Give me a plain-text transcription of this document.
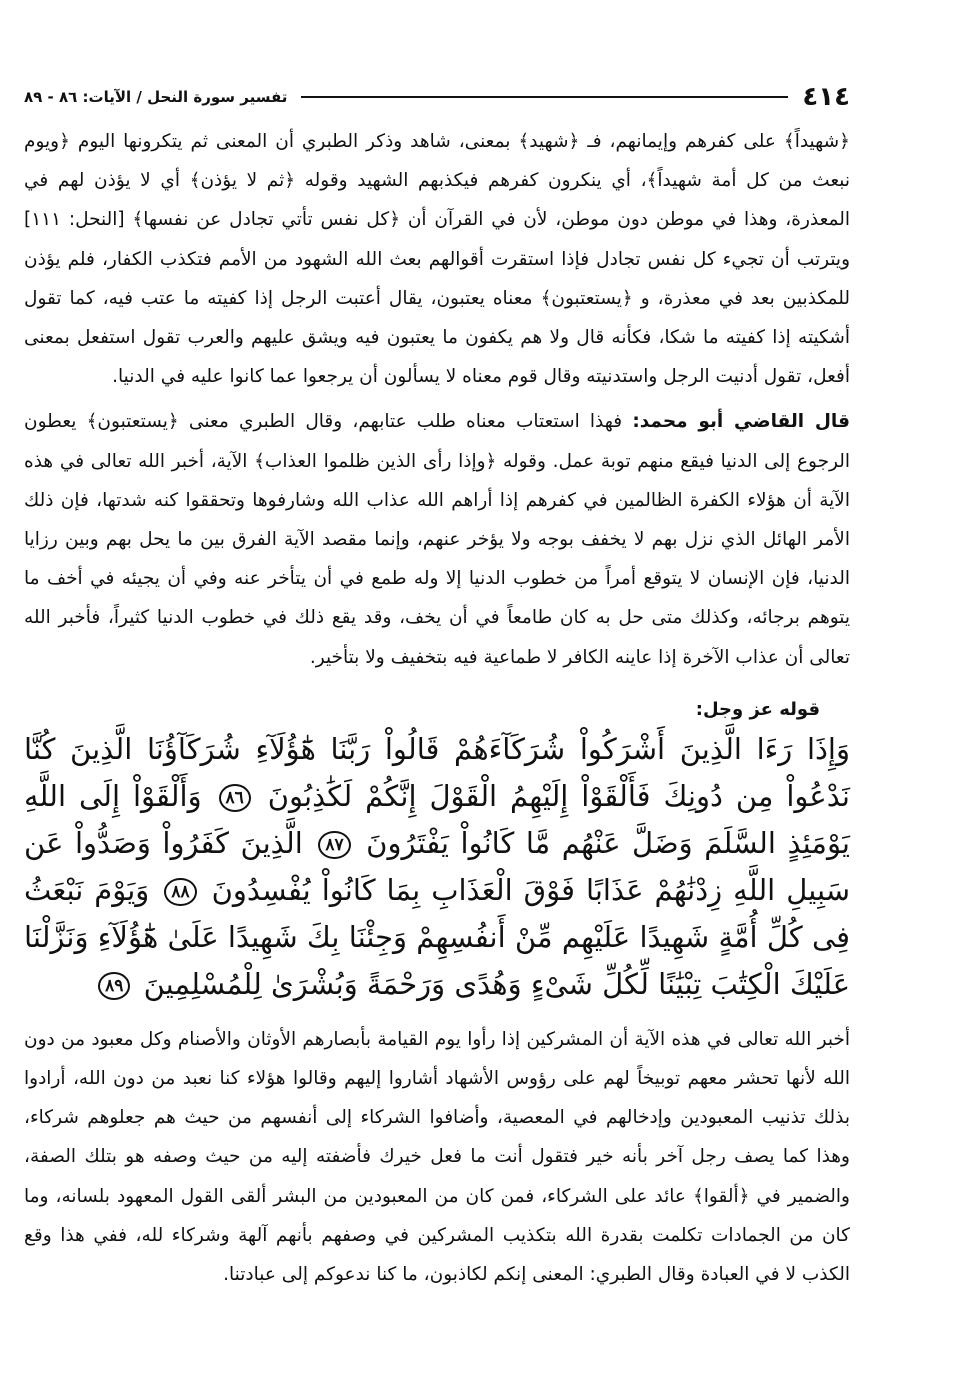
٤١٤
تفسير سورة النحل / الآيات: ٨٦ - ٨٩

﴿شهيداً﴾ على كفرهم وإيمانهم، فـ ﴿شهيد﴾ بمعنى، شاهد وذكر الطبري أن المعنى ثم يتكرونها اليوم ﴿ويوم نبعث من كل أمة شهيداً﴾، أي ينكرون كفرهم فيكذبهم الشهيد وقوله ﴿ثم لا يؤذن﴾ أي لا يؤذن لهم في المعذرة، وهذا في موطن دون موطن، لأن في القرآن أن ﴿كل نفس تأتي تجادل عن نفسها﴾ [النحل: ١١١] ويترتب أن تجيء كل نفس تجادل فإذا استقرت أقوالهم بعث الله الشهود من الأمم فتكذب الكفار، فلم يؤذن للمكذبين بعد في معذرة، و ﴿يستعتبون﴾ معناه يعتبون، يقال أعتبت الرجل إذا كفيته ما عتب فيه، كما تقول أشكيته إذا كفيته ما شكا، فكأنه قال ولا هم يكفون ما يعتبون فيه ويشق عليهم والعرب تقول استفعل بمعنى أفعل، تقول أدنيت الرجل واستدنيته وقال قوم معناه لا يسألون أن يرجعوا عما كانوا عليه في الدنيا.

قال القاضي أبو محمد: فهذا استعتاب معناه طلب عتابهم، وقال الطبري معنى ﴿يستعتبون﴾ يعطون الرجوع إلى الدنيا فيقع منهم توبة عمل. وقوله ﴿وإذا رأى الذين ظلموا العذاب﴾ الآية، أخبر الله تعالى في هذه الآية أن هؤلاء الكفرة الظالمين في كفرهم إذا أراهم الله عذاب الله وشارفوها وتحققوا كنه شدتها، فإن ذلك الأمر الهائل الذي نزل بهم لا يخفف بوجه ولا يؤخر عنهم، وإنما مقصد الآية الفرق بين ما يحل بهم وبين رزايا الدنيا، فإن الإنسان لا يتوقع أمراً من خطوب الدنيا إلا وله طمع في أن يتأخر عنه وفي أن يجيئه في أخف ما يتوهم برجائه، وكذلك متى حل به كان طامعاً في أن يخف، وقد يقع ذلك في خطوب الدنيا كثيراً، فأخبر الله تعالى أن عذاب الآخرة إذا عاينه الكافر لا طماعية فيه بتخفيف ولا بتأخير.

قوله عز وجل:
وَإِذَا رَءَا الَّذِينَ أَشْرَكُواْ شُرَكَآءَهُمْ قَالُواْ رَبَّنَا هَٰٓؤُلَآءِ شُرَكَآؤُنَا الَّذِينَ كُنَّا نَدْعُواْ مِن دُونِكَ فَأَلْقَوْاْ إِلَيْهِمُ الْقَوْلَ إِنَّكُمْ لَكَٰذِبُونَ ٨٦ وَأَلْقَوْاْ إِلَى اللَّهِ يَوْمَئِذٍ السَّلَمَ وَضَلَّ عَنْهُم مَّا كَانُواْ يَفْتَرُونَ ٨٧ الَّذِينَ كَفَرُواْ وَصَدُّواْ عَن سَبِيلِ اللَّهِ زِدْنَٰهُمْ عَذَابًا فَوْقَ الْعَذَابِ بِمَا كَانُواْ يُفْسِدُونَ ٨٨ وَيَوْمَ نَبْعَثُ فِى كُلِّ أُمَّةٍ شَهِيدًا عَلَيْهِم مِّنْ أَنفُسِهِمْ وَجِئْنَا بِكَ شَهِيدًا عَلَىٰ هَٰٓؤُلَآءِ وَنَزَّلْنَا عَلَيْكَ الْكِتَٰبَ تِبْيَٰنًا لِّكُلِّ شَىْءٍ وَهُدًى وَرَحْمَةً وَبُشْرَىٰ لِلْمُسْلِمِينَ ٨٩

أخبر الله تعالى في هذه الآية أن المشركين إذا رأوا يوم القيامة بأبصارهم الأوثان والأصنام وكل معبود من دون الله لأنها تحشر معهم توبيخاً لهم على رؤوس الأشهاد أشاروا إليهم وقالوا هؤلاء كنا نعبد من دون الله، أرادوا بذلك تذنيب المعبودين وإدخالهم في المعصية، وأضافوا الشركاء إلى أنفسهم من حيث هم جعلوهم شركاء، وهذا كما يصف رجل آخر بأنه خير فتقول أنت ما فعل خيرك فأضفته إليه من حيث وصفه هو بتلك الصفة، والضمير في ﴿ألقوا﴾ عائد على الشركاء، فمن كان من المعبودين من البشر ألقى القول المعهود بلسانه، وما كان من الجمادات تكلمت بقدرة الله بتكذيب المشركين في وصفهم بأنهم آلهة وشركاء لله، ففي هذا وقع الكذب لا في العبادة وقال الطبري: المعنى إنكم لكاذبون، ما كنا ندعوكم إلى عبادتنا.
